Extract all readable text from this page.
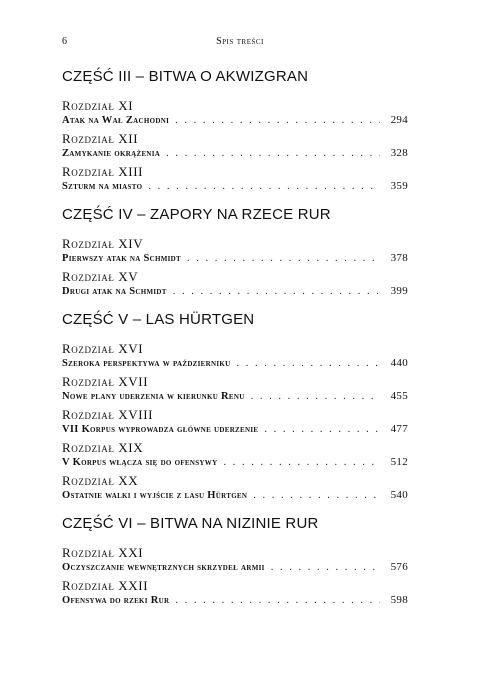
6	Spis treści
CZĘŚĆ III – BITWA O AKWIZGRAN
Rozdział XI
Atak na Wał Zachodni . . .	294
Rozdział XII
Zamykanie okrążenia . . .	328
Rozdział XIII
Szturm na miasto . . .	359
CZĘŚĆ IV – ZAPORY NA RZECE RUR
Rozdział XIV
Pierwszy atak na Schmidt . . .	378
Rozdział XV
Drugi atak na Schmidt . . .	399
CZĘŚĆ V – LAS HÜRTGEN
Rozdział XVI
Szeroka perspektywa w październiku . . .	440
Rozdział XVII
Nowe plany uderzenia w kierunku Renu . . .	455
Rozdział XVIII
VII Korpus wyprowadza główne uderzenie . . .	477
Rozdział XIX
V Korpus włącza się do ofensywy . . .	512
Rozdział XX
Ostatnie walki i wyjście z lasu Hürtgen . . .	540
CZĘŚĆ VI – BITWA NA NIZINIE RUR
Rozdział XXI
Oczyszczanie wewnętrznych skrzydeł armii . . .	576
Rozdział XXII
Ofensywa do rzeki Rur . . .	598
